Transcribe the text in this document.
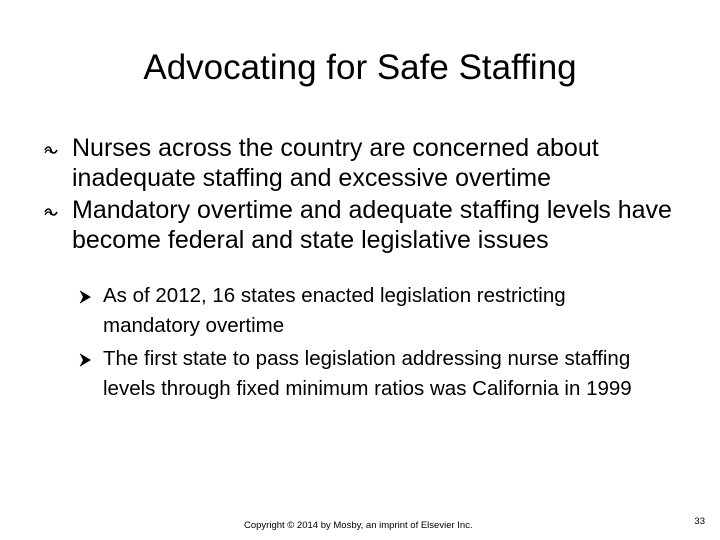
Advocating for Safe Staffing
Nurses across the country are concerned about inadequate staffing and excessive overtime
Mandatory overtime and adequate staffing levels have become federal and state legislative issues
As of 2012, 16 states enacted legislation restricting mandatory overtime
The first state to pass legislation addressing nurse staffing levels through fixed minimum ratios was California in 1999
Copyright © 2014 by Mosby, an imprint of Elsevier Inc.	33
